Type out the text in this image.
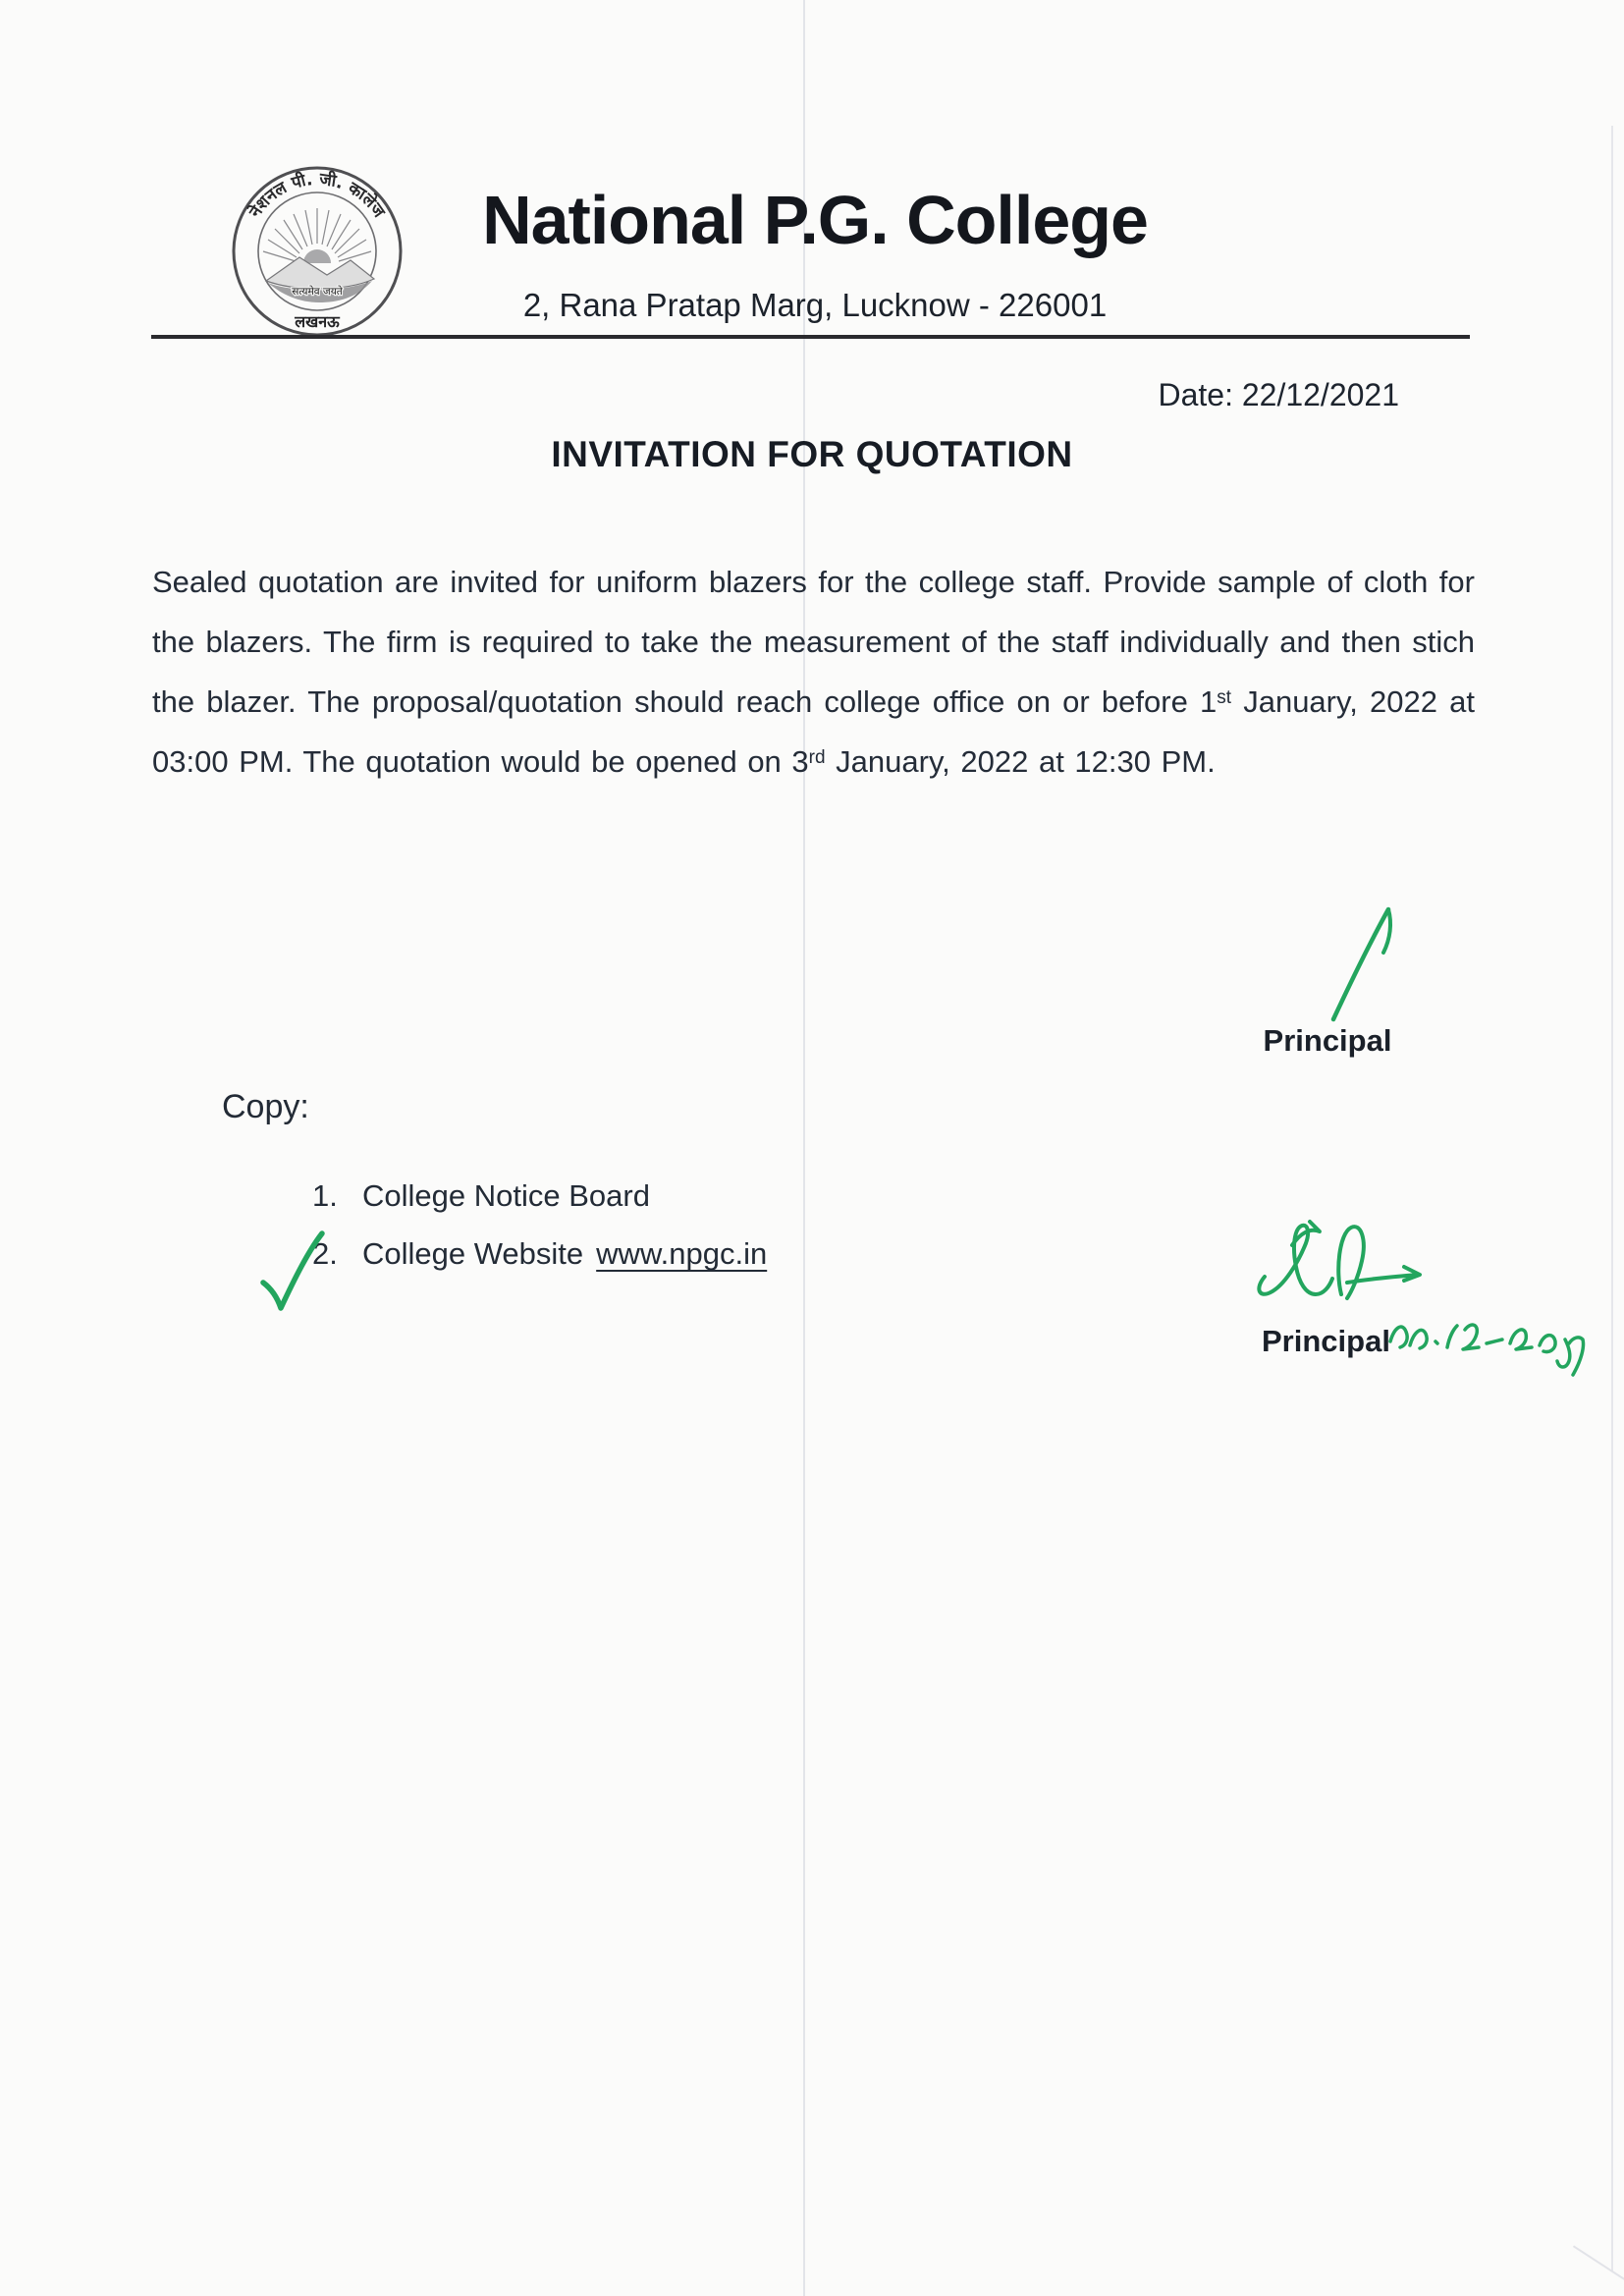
नेशनल पी. जी. कालेज
सत्यमेव जयते
लखनऊ
National P.G. College
2, Rana Pratap Marg, Lucknow - 226001
Date: 22/12/2021
INVITATION FOR QUOTATION
Sealed quotation are invited for uniform blazers for the college staff. Provide sample of cloth for the blazers. The firm is required to take the measurement of the staff individually and then stich the blazer. The proposal/quotation should reach college office on or before 1st January, 2022 at 03:00 PM. The quotation would be opened on 3rd January, 2022 at 12:30 PM.
Principal
Copy:
1. College Notice Board
2. College Website www.npgc.in
Principal
